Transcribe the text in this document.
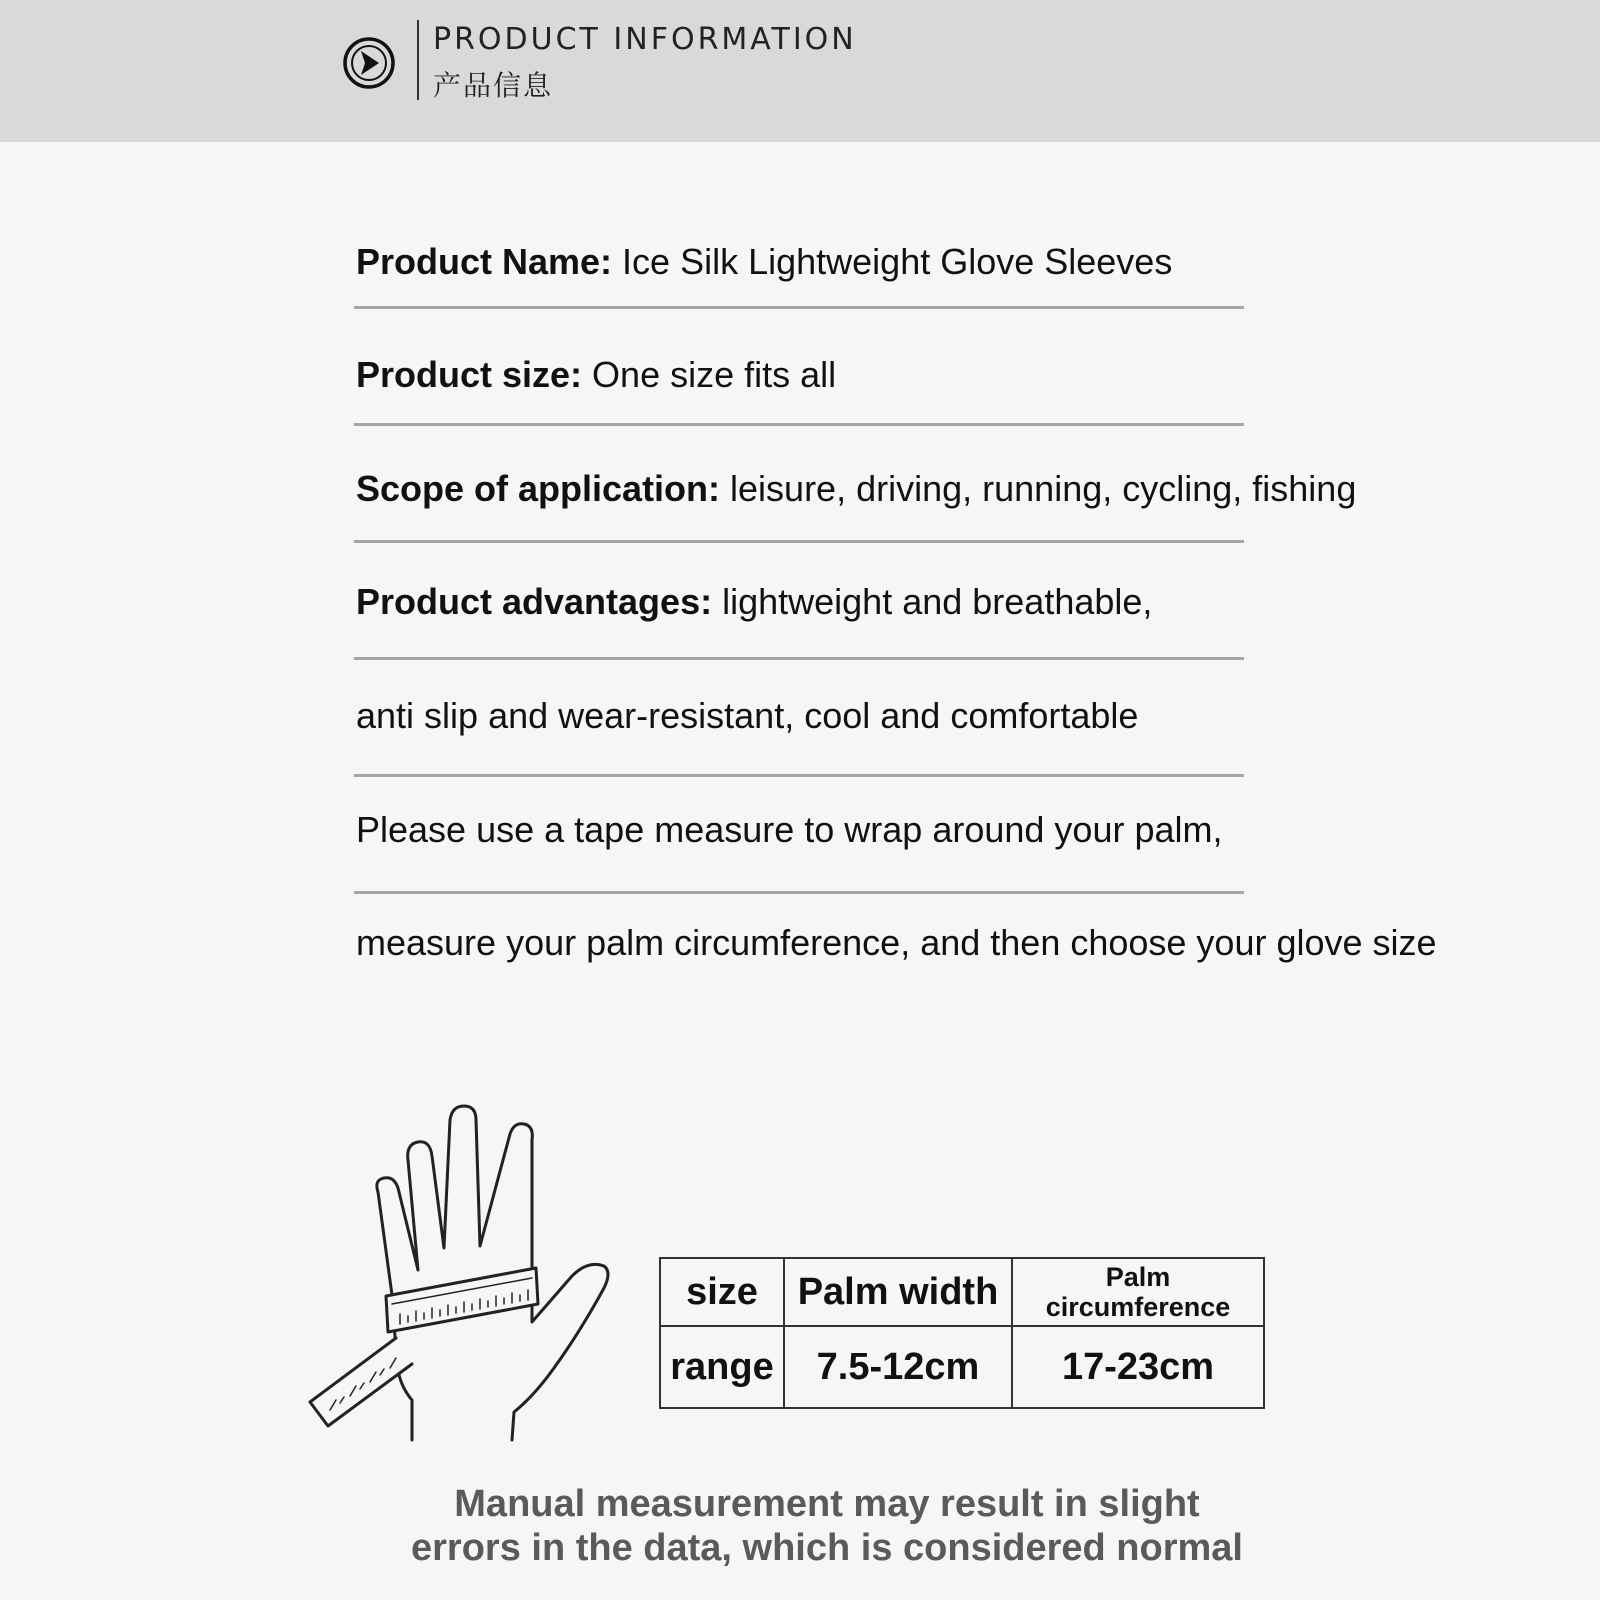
PRODUCT INFORMATION
产品信息
Product Name: Ice Silk Lightweight Glove Sleeves
Product size: One size fits all
Scope of application: leisure, driving, running, cycling, fishing
Product advantages: lightweight and breathable,
anti slip and wear-resistant, cool and comfortable
Please use a tape measure to wrap around your palm,
measure your palm circumference, and then choose your glove size
size	Palm width	Palm circumference
range	7.5-12cm	17-23cm
Manual measurement may result in slight
errors in the data, which is considered normal
